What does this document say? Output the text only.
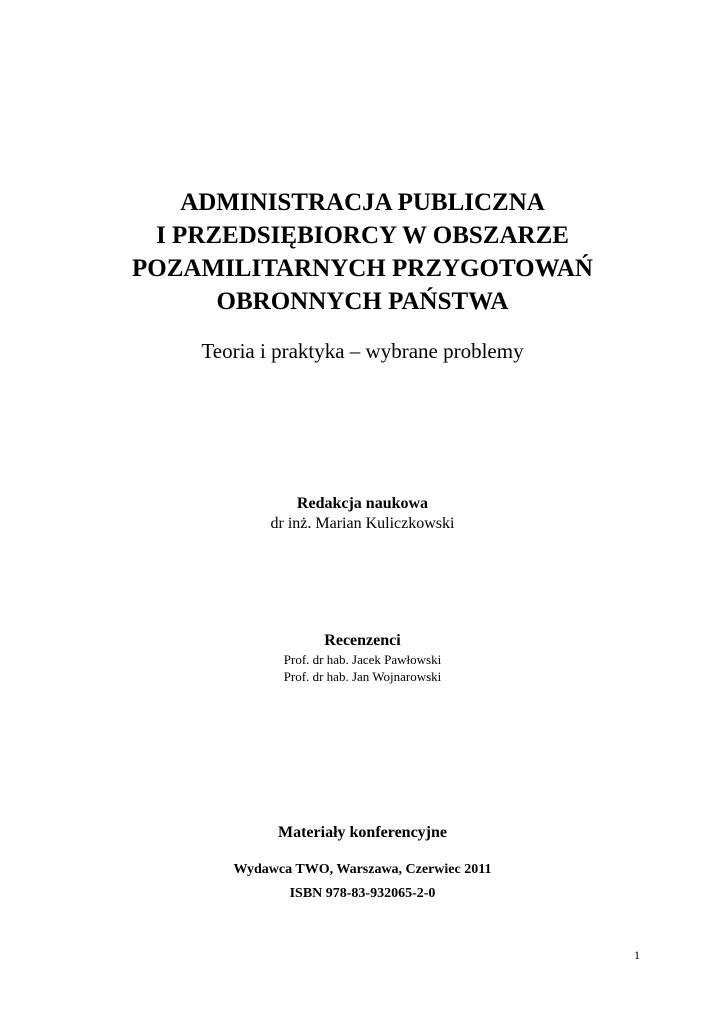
ADMINISTRACJA PUBLICZNA

I PRZEDSIĘBIORCY W OBSZARZE

POZAMILITARNYCH PRZYGOTOWAŃ

OBRONNYCH PAŃSTWA

Teoria i praktyka – wybrane problemy
Redakcja naukowa
dr inż. Marian Kuliczkowski
Recenzenci
Prof. dr hab. Jacek Pawłowski
Prof. dr hab. Jan Wojnarowski
Materiały konferencyjne
Wydawca TWO, Warszawa, Czerwiec 2011
ISBN 978-83-932065-2-0
1
